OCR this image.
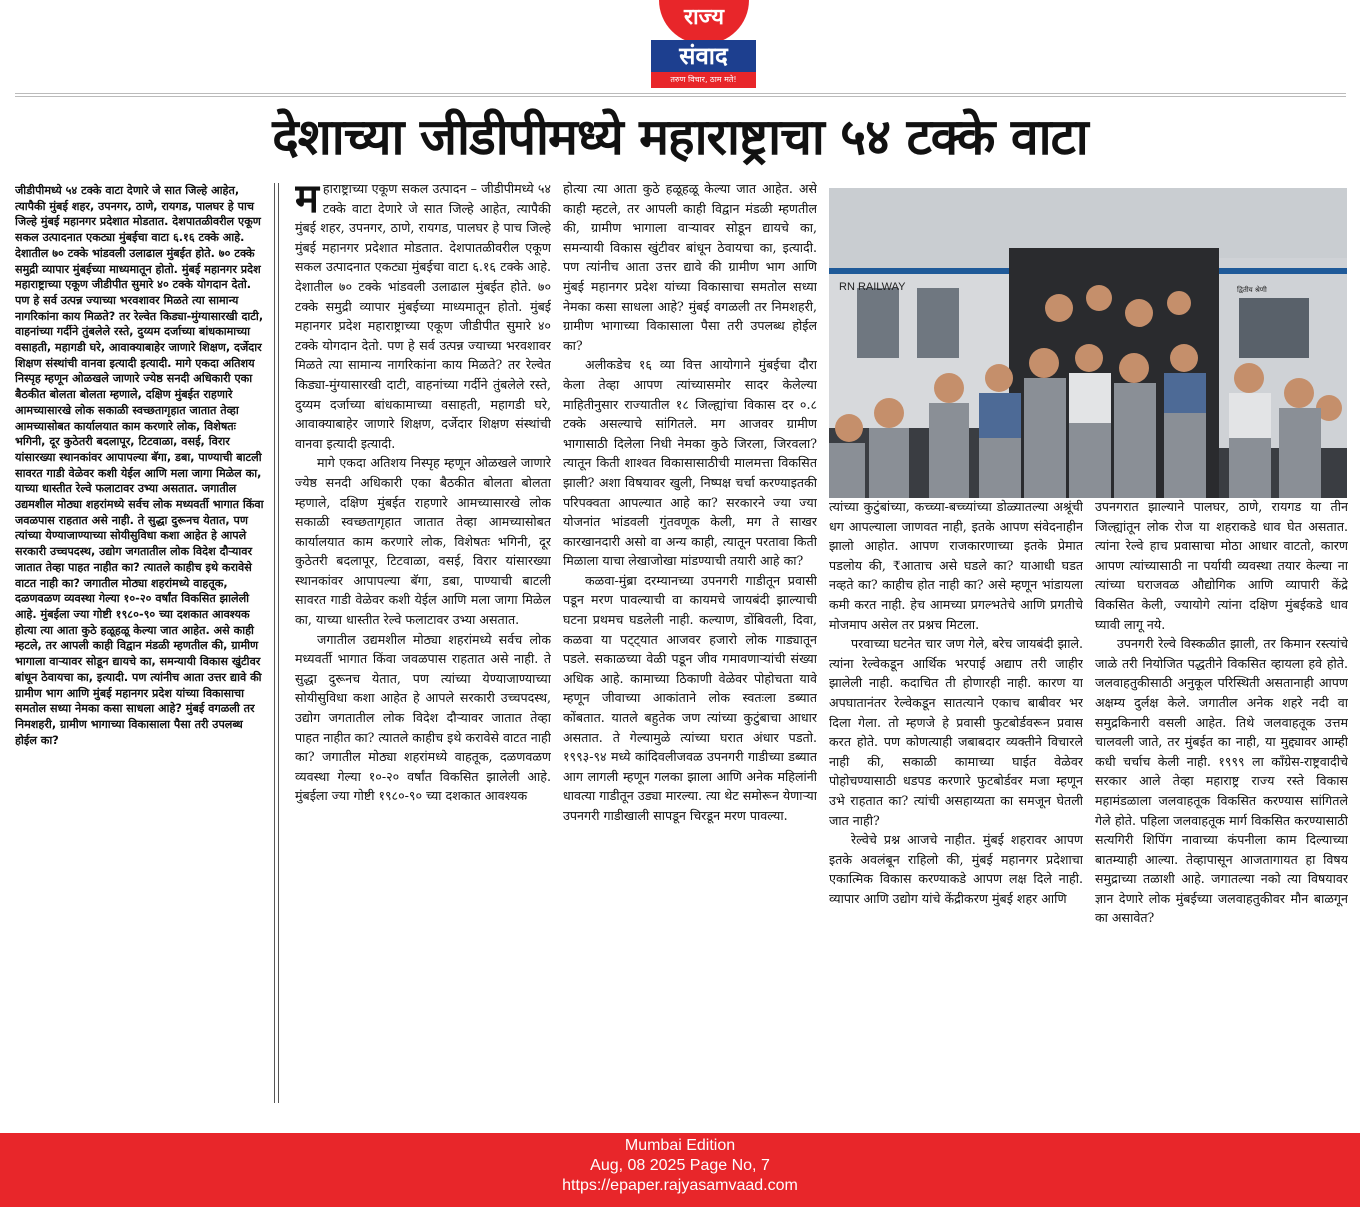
राज्य
संवाद
तरुण विचार, ठाम मते!
देशाच्या जीडीपीमध्ये महाराष्ट्राचा ५४ टक्के वाटा

जीडीपीमध्ये ५४ टक्के वाटा देणारे जे सात जिल्हे आहेत, त्यापैकी मुंबई शहर, उपनगर, ठाणे, रायगड, पालघर हे पाच जिल्हे मुंबई महानगर प्रदेशात मोडतात. देशपातळीवरील एकूण सकल उत्पादनात एकट्या मुंबईचा वाटा ६.१६ टक्के आहे. देशातील ७० टक्के भांडवली उलाढाल मुंबईत होते. ७० टक्के समुद्री व्यापार मुंबईच्या माध्यमातून होतो. मुंबई महानगर प्रदेश महाराष्ट्राच्या एकूण जीडीपीत सुमारे ४० टक्के योगदान देतो. पण हे सर्व उत्पन्न ज्याच्या भरवशावर मिळते त्या सामान्य नागरिकांना काय मिळते? तर रेल्वेत किड्या-मुंग्यासारखी दाटी, वाहनांच्या गर्दीने तुंबलेले रस्ते, दुय्यम दर्जाच्या बांधकामाच्या वसाहती, महागडी घरे, आवाक्याबाहेर जाणारे शिक्षण, दर्जेदार शिक्षण संस्थांची वानवा इत्यादी इत्यादी. मागे एकदा अतिशय निस्पृह म्हणून ओळखले जाणारे ज्येष्ठ सनदी अधिकारी एका बैठकीत बोलता बोलता म्हणाले, दक्षिण मुंबईत राहणारे आमच्यासारखे लोक सकाळी स्वच्छतागृहात जातात तेव्हा आमच्यासोबत कार्यालयात काम करणारे लोक, विशेषतः भगिनी, दूर कुठेतरी बदलापूर, टिटवाळा, वसई, विरार यांसारख्या स्थानकांवर आपापल्या बॅगा, डबा, पाण्याची बाटली सावरत गाडी वेळेवर कशी येईल आणि मला जागा मिळेल का, याच्या धास्तीत रेल्वे फलाटावर उभ्या असतात. जगातील उद्यमशील मोठ्या शहरांमध्ये सर्वच लोक मध्यवर्ती भागात किंवा जवळपास राहतात असे नाही. ते सुद्धा दुरूनच येतात, पण त्यांच्या येण्याजाण्याच्या सोयीसुविधा कशा आहेत हे आपले सरकारी उच्चपदस्थ, उद्योग जगतातील लोक विदेश दौऱ्यावर जातात तेव्हा पाहत नाहीत का? त्यातले काहीच इथे करावेसे वाटत नाही का? जगातील मोठ्या शहरांमध्ये वाहतूक, दळणवळण व्यवस्था गेल्या १०-२० वर्षांत विकसित झालेली आहे. मुंबईला ज्या गोष्टी १९८०-९० च्या दशकात आवश्यक होत्या त्या आता कुठे हळूहळू केल्या जात आहेत. असे काही म्हटले, तर आपली काही विद्वान मंडळी म्हणतील की, ग्रामीण भागाला वाऱ्यावर सोडून द्यायचे का, समन्यायी विकास खुंटीवर बांधून ठेवायचा का, इत्यादी. पण त्यांनीच आता उत्तर द्यावे की ग्रामीण भाग आणि मुंबई महानगर प्रदेश यांच्या विकासाचा समतोल सध्या नेमका कसा साधला आहे? मुंबई वगळली तर निमशहरी, ग्रामीण भागाच्या विकासाला पैसा तरी उपलब्ध होईल का?

महाराष्ट्राच्या एकूण सकल उत्पादन – जीडीपीमध्ये ५४ टक्के वाटा देणारे जे सात जिल्हे आहेत, त्यापैकी मुंबई शहर, उपनगर, ठाणे, रायगड, पालघर हे पाच जिल्हे मुंबई महानगर प्रदेशात मोडतात. देशपातळीवरील एकूण सकल उत्पादनात एकट्या मुंबईचा वाटा ६.१६ टक्के आहे. देशातील ७० टक्के भांडवली उलाढाल मुंबईत होते. ७० टक्के समुद्री व्यापार मुंबईच्या माध्यमातून होतो. मुंबई महानगर प्रदेश महाराष्ट्राच्या एकूण जीडीपीत सुमारे ४० टक्के योगदान देतो. पण हे सर्व उत्पन्न ज्याच्या भरवशावर मिळते त्या सामान्य नागरिकांना काय मिळते? तर रेल्वेत किड्या-मुंग्यासारखी दाटी, वाहनांच्या गर्दीने तुंबलेले रस्ते, दुय्यम दर्जाच्या बांधकामाच्या वसाहती, महागडी घरे, आवाक्याबाहेर जाणारे शिक्षण, दर्जेदार शिक्षण संस्थांची वानवा इत्यादी इत्यादी.

मागे एकदा अतिशय निस्पृह म्हणून ओळखले जाणारे ज्येष्ठ सनदी अधिकारी एका बैठकीत बोलता बोलता म्हणाले, दक्षिण मुंबईत राहणारे आमच्यासारखे लोक सकाळी स्वच्छतागृहात जातात तेव्हा आमच्यासोबत कार्यालयात काम करणारे लोक, विशेषतः भगिनी, दूर कुठेतरी बदलापूर, टिटवाळा, वसई, विरार यांसारख्या स्थानकांवर आपापल्या बॅगा, डबा, पाण्याची बाटली सावरत गाडी वेळेवर कशी येईल आणि मला जागा मिळेल का, याच्या धास्तीत रेल्वे फलाटावर उभ्या असतात.

जगातील उद्यमशील मोठ्या शहरांमध्ये सर्वच लोक मध्यवर्ती भागात किंवा जवळपास राहतात असे नाही. ते सुद्धा दुरूनच येतात, पण त्यांच्या येण्याजाण्याच्या सोयीसुविधा कशा आहेत हे आपले सरकारी उच्चपदस्थ, उद्योग जगतातील लोक विदेश दौऱ्यावर जातात तेव्हा पाहत नाहीत का? त्यातले काहीच इथे करावेसे वाटत नाही का? जगातील मोठ्या शहरांमध्ये वाहतूक, दळणवळण व्यवस्था गेल्या १०-२० वर्षांत विकसित झालेली आहे. मुंबईला ज्या गोष्टी १९८०-९० च्या दशकात आवश्यक

होत्या त्या आता कुठे हळूहळू केल्या जात आहेत. असे काही म्हटले, तर आपली काही विद्वान मंडळी म्हणतील की, ग्रामीण भागाला वाऱ्यावर सोडून द्यायचे का, समन्यायी विकास खुंटीवर बांधून ठेवायचा का, इत्यादी. पण त्यांनीच आता उत्तर द्यावे की ग्रामीण भाग आणि मुंबई महानगर प्रदेश यांच्या विकासाचा समतोल सध्या नेमका कसा साधला आहे? मुंबई वगळली तर निमशहरी, ग्रामीण भागाच्या विकासाला पैसा तरी उपलब्ध होईल का?

अलीकडेच १६ व्या वित्त आयोगाने मुंबईचा दौरा केला तेव्हा आपण त्यांच्यासमोर सादर केलेल्या माहितीनुसार राज्यातील १८ जिल्ह्यांचा विकास दर ०.८ टक्के असल्याचे सांगितले. मग आजवर ग्रामीण भागासाठी दिलेला निधी नेमका कुठे जिरला, जिरवला? त्यातून किती शाश्वत विकासासाठीची मालमत्ता विकसित झाली? अशा विषयावर खुली, निष्पक्ष चर्चा करण्याइतकी परिपक्वता आपल्यात आहे का? सरकारने ज्या ज्या योजनांत भांडवली गुंतवणूक केली, मग ते साखर कारखानदारी असो वा अन्य काही, त्यातून परतावा किती मिळाला याचा लेखाजोखा मांडण्याची तयारी आहे का?

कळवा-मुंब्रा दरम्यानच्या उपनगरी गाडीतून प्रवासी पडून मरण पावल्याची वा कायमचे जायबंदी झाल्याची घटना प्रथमच घडलेली नाही. कल्याण, डोंबिवली, दिवा, कळवा या पट्ट्यात आजवर हजारो लोक गाड्यातून पडले. सकाळच्या वेळी पडून जीव गमावणाऱ्यांची संख्या अधिक आहे. कामाच्या ठिकाणी वेळेवर पोहोचता यावे म्हणून जीवाच्या आकांताने लोक स्वतःला डब्यात कोंबतात. यातले बहुतेक जण त्यांच्या कुटुंबाचा आधार असतात. ते गेल्यामुळे त्यांच्या घरात अंधार पडतो. १९९३-९४ मध्ये कांदिवलीजवळ उपनगरी गाडीच्या डब्यात आग लागली म्हणून गलका झाला आणि अनेक महिलांनी धावत्या गाडीतून उड्या मारल्या. त्या थेट समोरून येणाऱ्या उपनगरी गाडीखाली सापडून चिरडून मरण पावल्या.

RN RAILWAY	द्वितीय श्रेणी

त्यांच्या कुटुंबांच्या, कच्च्या-बच्च्यांच्या डोळ्यातल्या अश्रूंची धग आपल्याला जाणवत नाही, इतके आपण संवेदनाहीन झालो आहोत. आपण राजकारणाच्या इतके प्रेमात पडलोय की, ₹आताच असे घडले का? याआधी घडत नव्हते का? काहीच होत नाही का? असे म्हणून भांडायला कमी करत नाही. हेच आमच्या प्रगल्भतेचे आणि प्रगतीचे मोजमाप असेल तर प्रश्नच मिटला.

परवाच्या घटनेत चार जण गेले, बरेच जायबंदी झाले. त्यांना रेल्वेकडून आर्थिक भरपाई अद्याप तरी जाहीर झालेली नाही. कदाचित ती होणारही नाही. कारण या अपघातानंतर रेल्वेकडून सातत्याने एकाच बाबीवर भर दिला गेला. तो म्हणजे हे प्रवासी फुटबोर्डवरून प्रवास करत होते. पण कोणत्याही जबाबदार व्यक्तीने विचारले नाही की, सकाळी कामाच्या घाईत वेळेवर पोहोचण्यासाठी धडपड करणारे फुटबोर्डवर मजा म्हणून उभे राहतात का? त्यांची असहाय्यता का समजून घेतली जात नाही?

रेल्वेचे प्रश्न आजचे नाहीत. मुंबई शहरावर आपण इतके अवलंबून राहिलो की, मुंबई महानगर प्रदेशाचा एकात्मिक विकास करण्याकडे आपण लक्ष दिले नाही. व्यापार आणि उद्योग यांचे केंद्रीकरण मुंबई शहर आणि

उपनगरात झाल्याने पालघर, ठाणे, रायगड या तीन जिल्ह्यांतून लोक रोज या शहराकडे धाव घेत असतात. त्यांना रेल्वे हाच प्रवासाचा मोठा आधार वाटतो, कारण आपण त्यांच्यासाठी ना पर्यायी व्यवस्था तयार केल्या ना त्यांच्या घराजवळ औद्योगिक आणि व्यापारी केंद्रे विकसित केली, ज्यायोगे त्यांना दक्षिण मुंबईकडे धाव घ्यावी लागू नये.

उपनगरी रेल्वे विस्कळीत झाली, तर किमान रस्त्यांचे जाळे तरी नियोजित पद्धतीने विकसित व्हायला हवे होते. जलवाहतुकीसाठी अनुकूल परिस्थिती असतानाही आपण अक्षम्य दुर्लक्ष केले. जगातील अनेक शहरे नदी वा समुद्रकिनारी वसली आहेत. तिथे जलवाहतूक उत्तम चालवली जाते, तर मुंबईत का नाही, या मुद्द्यावर आम्ही कधी चर्चाच केली नाही. १९९९ ला काँग्रेस-राष्ट्रवादीचे सरकार आले तेव्हा महाराष्ट्र राज्य रस्ते विकास महामंडळाला जलवाहतूक विकसित करण्यास सांगितले गेले होते. पहिला जलवाहतूक मार्ग विकसित करण्यासाठी सत्यगिरी शिपिंग नावाच्या कंपनीला काम दिल्याच्या बातम्याही आल्या. तेव्हापासून आजतागायत हा विषय समुद्राच्या तळाशी आहे. जगातल्या नको त्या विषयावर ज्ञान देणारे लोक मुंबईच्या जलवाहतुकीवर मौन बाळगून का असावेत?

Mumbai Edition
Aug, 08 2025 Page No, 7
https://epaper.rajyasamvaad.com
